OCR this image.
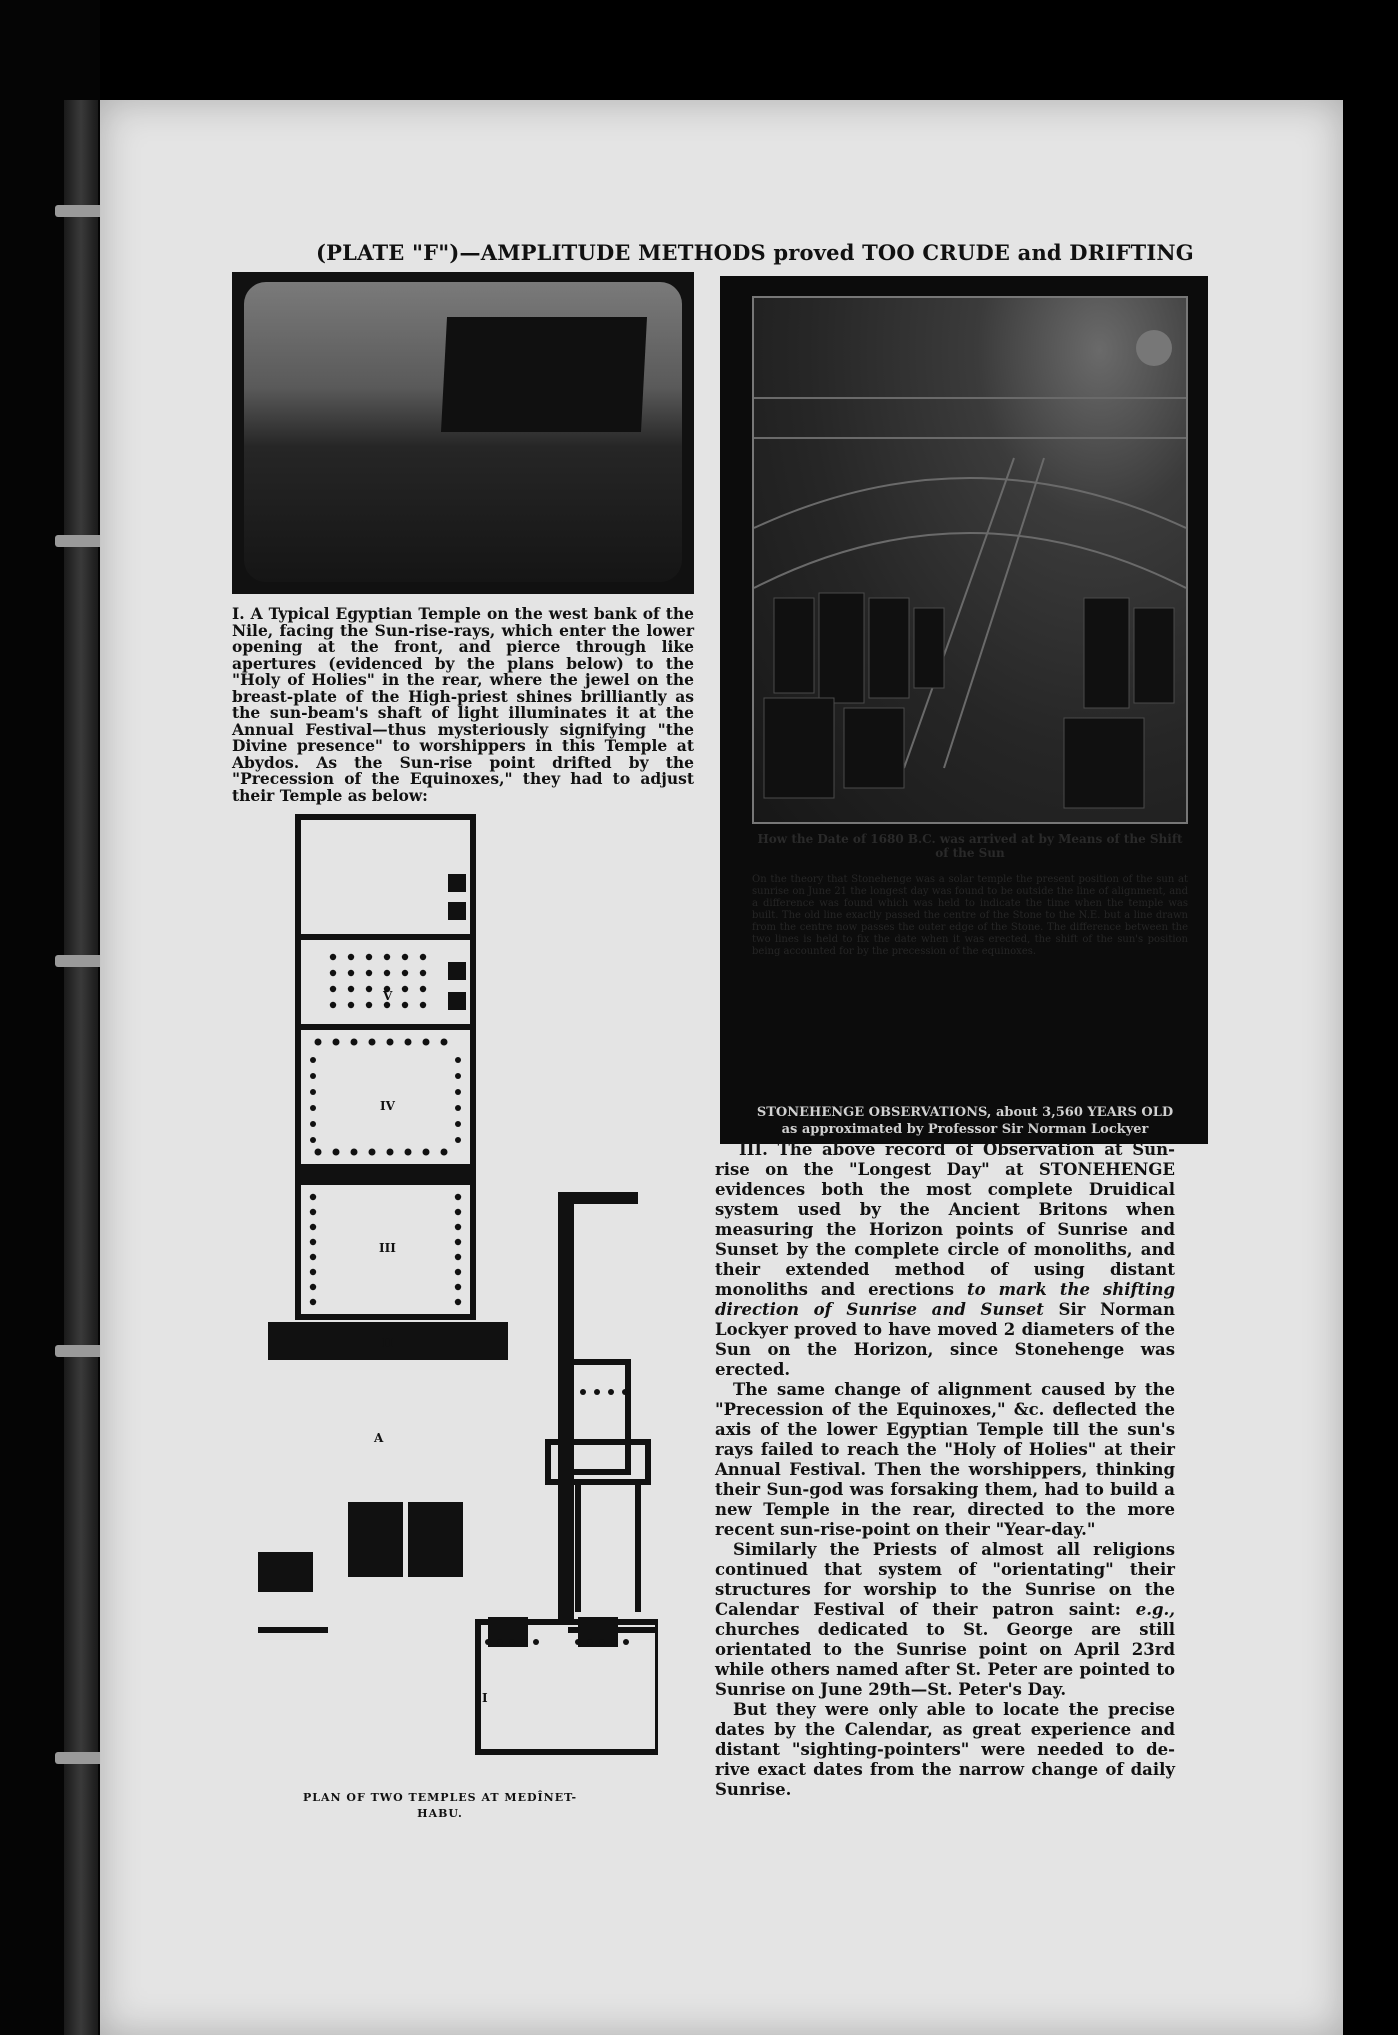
(PLATE "F")—AMPLITUDE METHODS proved TOO CRUDE and DRIFTING
I. A Typical Egyptian Temple on the west bank of the Nile, facing the Sun-rise-rays, which enter the lower opening at the front, and pierce through like apertures (evidenced by the plans below) to the "Holy of Holies" in the rear, where the jewel on the breast-plate of the High-priest shines brilliantly as the sun-beam's shaft of light illuminates it at the Annual Festival—thus mysteriously signifying "the Divine presence" to worshippers in this Temple at Abydos. As the Sun-rise point drifted by the "Precession of the Equinoxes," they had to adjust their Temple as below:
V
IV
III
II
A
I
PLAN OF TWO TEMPLES AT MEDÎNET-
HABU.
How the Date of 1680 B.C. was arrived at by Means of the Shift of the Sun
On the theory that Stonehenge was a solar temple the present position of the sun at sunrise on June 21 the longest day was found to be outside the line of alignment, and a difference was found which was held to indicate the time when the temple was built. The old line exactly passed the centre of the Stone to the N.E. but a line drawn from the centre now passes the outer edge of the Stone. The difference between the two lines is held to fix the date when it was erected, the shift of the sun's position being accounted for by the precession of the equinoxes.
STONEHENGE OBSERVATIONS, about 3,560 YEARS OLD
as approximated by Professor Sir Norman Lockyer

III. The above record of Observation at Sun-rise on the "Longest Day" at STONEHENGE evidences both the most complete Druidical system used by the Ancient Britons when measuring the Horizon points of Sunrise and Sunset by the complete circle of monoliths, and their extended method of using distant monoliths and erections to mark the shifting direction of Sunrise and Sunset Sir Norman Lockyer proved to have moved 2 diameters of the Sun on the Horizon, since Stonehenge was erected.

The same change of alignment caused by the "Precession of the Equinoxes," &c. deflected the axis of the lower Egyptian Temple till the sun's rays failed to reach the "Holy of Holies" at their Annual Festival. Then the worshippers, thinking their Sun-god was forsaking them, had to build a new Temple in the rear, directed to the more recent sun-rise-point on their "Year-day."

Similarly the Priests of almost all religions continued that system of "orientating" their structures for worship to the Sunrise on the Calendar Festival of their patron saint: e.g., churches dedicated to St. George are still orientated to the Sunrise point on April 23rd while others named after St. Peter are pointed to Sunrise on June 29th—St. Peter's Day.

But they were only able to locate the precise dates by the Calendar, as great experience and distant "sighting-pointers" were needed to de-rive exact dates from the narrow change of daily Sunrise.
